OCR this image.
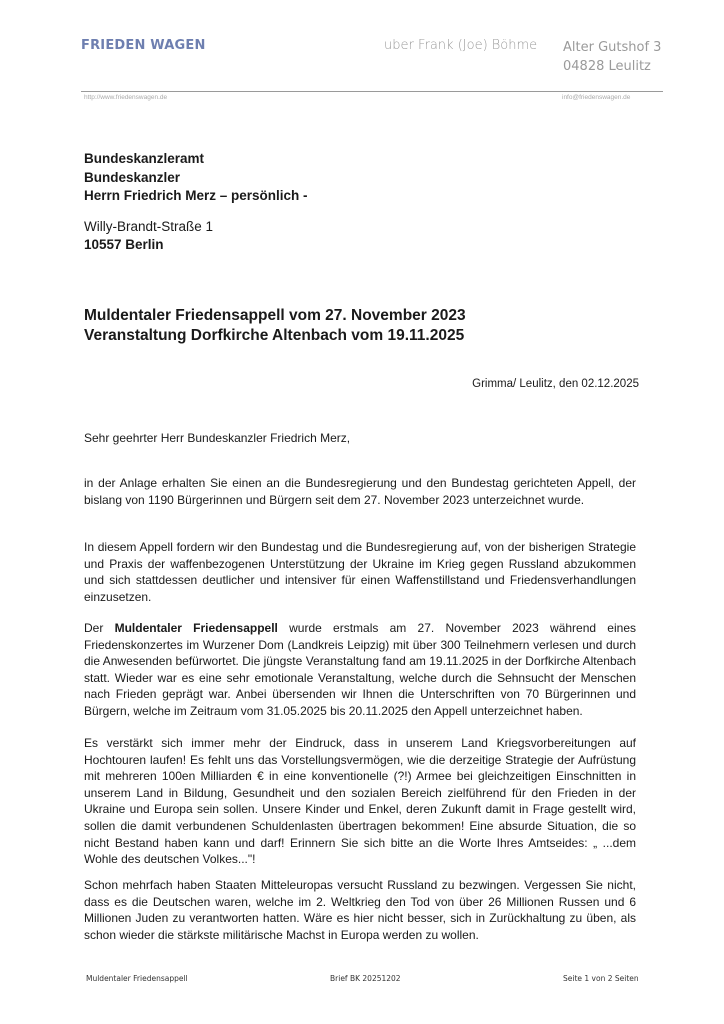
FRIEDEN WAGEN	uber Frank (Joe) Böhme Alter Gutshof 3
04828 Leulitz
http://www.friedenswagen.de	info@friedenswagen.de
Bundeskanzleramt
Bundeskanzler
Herrn Friedrich Merz – persönlich -
Willy-Brandt-Straße 1
10557 Berlin
Muldentaler Friedensappell vom 27. November 2023
Veranstaltung Dorfkirche Altenbach vom 19.11.2025
Grimma/ Leulitz, den 02.12.2025
Sehr geehrter Herr Bundeskanzler Friedrich Merz,
in der Anlage erhalten Sie einen an die Bundesregierung und den Bundestag gerichteten Appell, der bislang von 1190 Bürgerinnen und Bürgern seit dem 27. November 2023 unterzeichnet wurde.
In diesem Appell fordern wir den Bundestag und die Bundesregierung auf, von der bisherigen Strategie und Praxis der waffenbezogenen Unterstützung der Ukraine im Krieg gegen Russland abzukommen und sich stattdessen deutlicher und intensiver für einen Waffenstillstand und Friedensverhandlungen einzusetzen.
Der Muldentaler Friedensappell wurde erstmals am 27. November 2023 während eines Friedenskonzertes im Wurzener Dom (Landkreis Leipzig) mit über 300 Teilnehmern verlesen und durch die Anwesenden befürwortet. Die jüngste Veranstaltung fand am 19.11.2025 in der Dorfkirche Altenbach statt. Wieder war es eine sehr emotionale Veranstaltung, welche durch die Sehnsucht der Menschen nach Frieden geprägt war. Anbei übersenden wir Ihnen die Unterschriften von 70 Bürgerinnen und Bürgern, welche im Zeitraum vom 31.05.2025 bis 20.11.2025 den Appell unterzeichnet haben.
Es verstärkt sich immer mehr der Eindruck, dass in unserem Land Kriegsvorbereitungen auf Hochtouren laufen! Es fehlt uns das Vorstellungsvermögen, wie die derzeitige Strategie der Aufrüstung mit mehreren 100en Milliarden € in eine konventionelle (?!) Armee bei gleichzeitigen Einschnitten in unserem Land in Bildung, Gesundheit und den sozialen Bereich zielführend für den Frieden in der Ukraine und Europa sein sollen. Unsere Kinder und Enkel, deren Zukunft damit in Frage gestellt wird, sollen die damit verbundenen Schuldenlasten übertragen bekommen! Eine absurde Situation, die so nicht Bestand haben kann und darf! Erinnern Sie sich bitte an die Worte Ihres Amtseides: „ ...dem Wohle des deutschen Volkes..."!
Schon mehrfach haben Staaten Mitteleuropas versucht Russland zu bezwingen. Vergessen Sie nicht, dass es die Deutschen waren, welche im 2. Weltkrieg den Tod von über 26 Millionen Russen und 6 Millionen Juden zu verantworten hatten. Wäre es hier nicht besser, sich in Zurückhaltung zu üben, als schon wieder die stärkste militärische Machst in Europa werden zu wollen.
Muldentaler Friedensappell	Brief BK 20251202	Seite 1 von 2 Seiten
